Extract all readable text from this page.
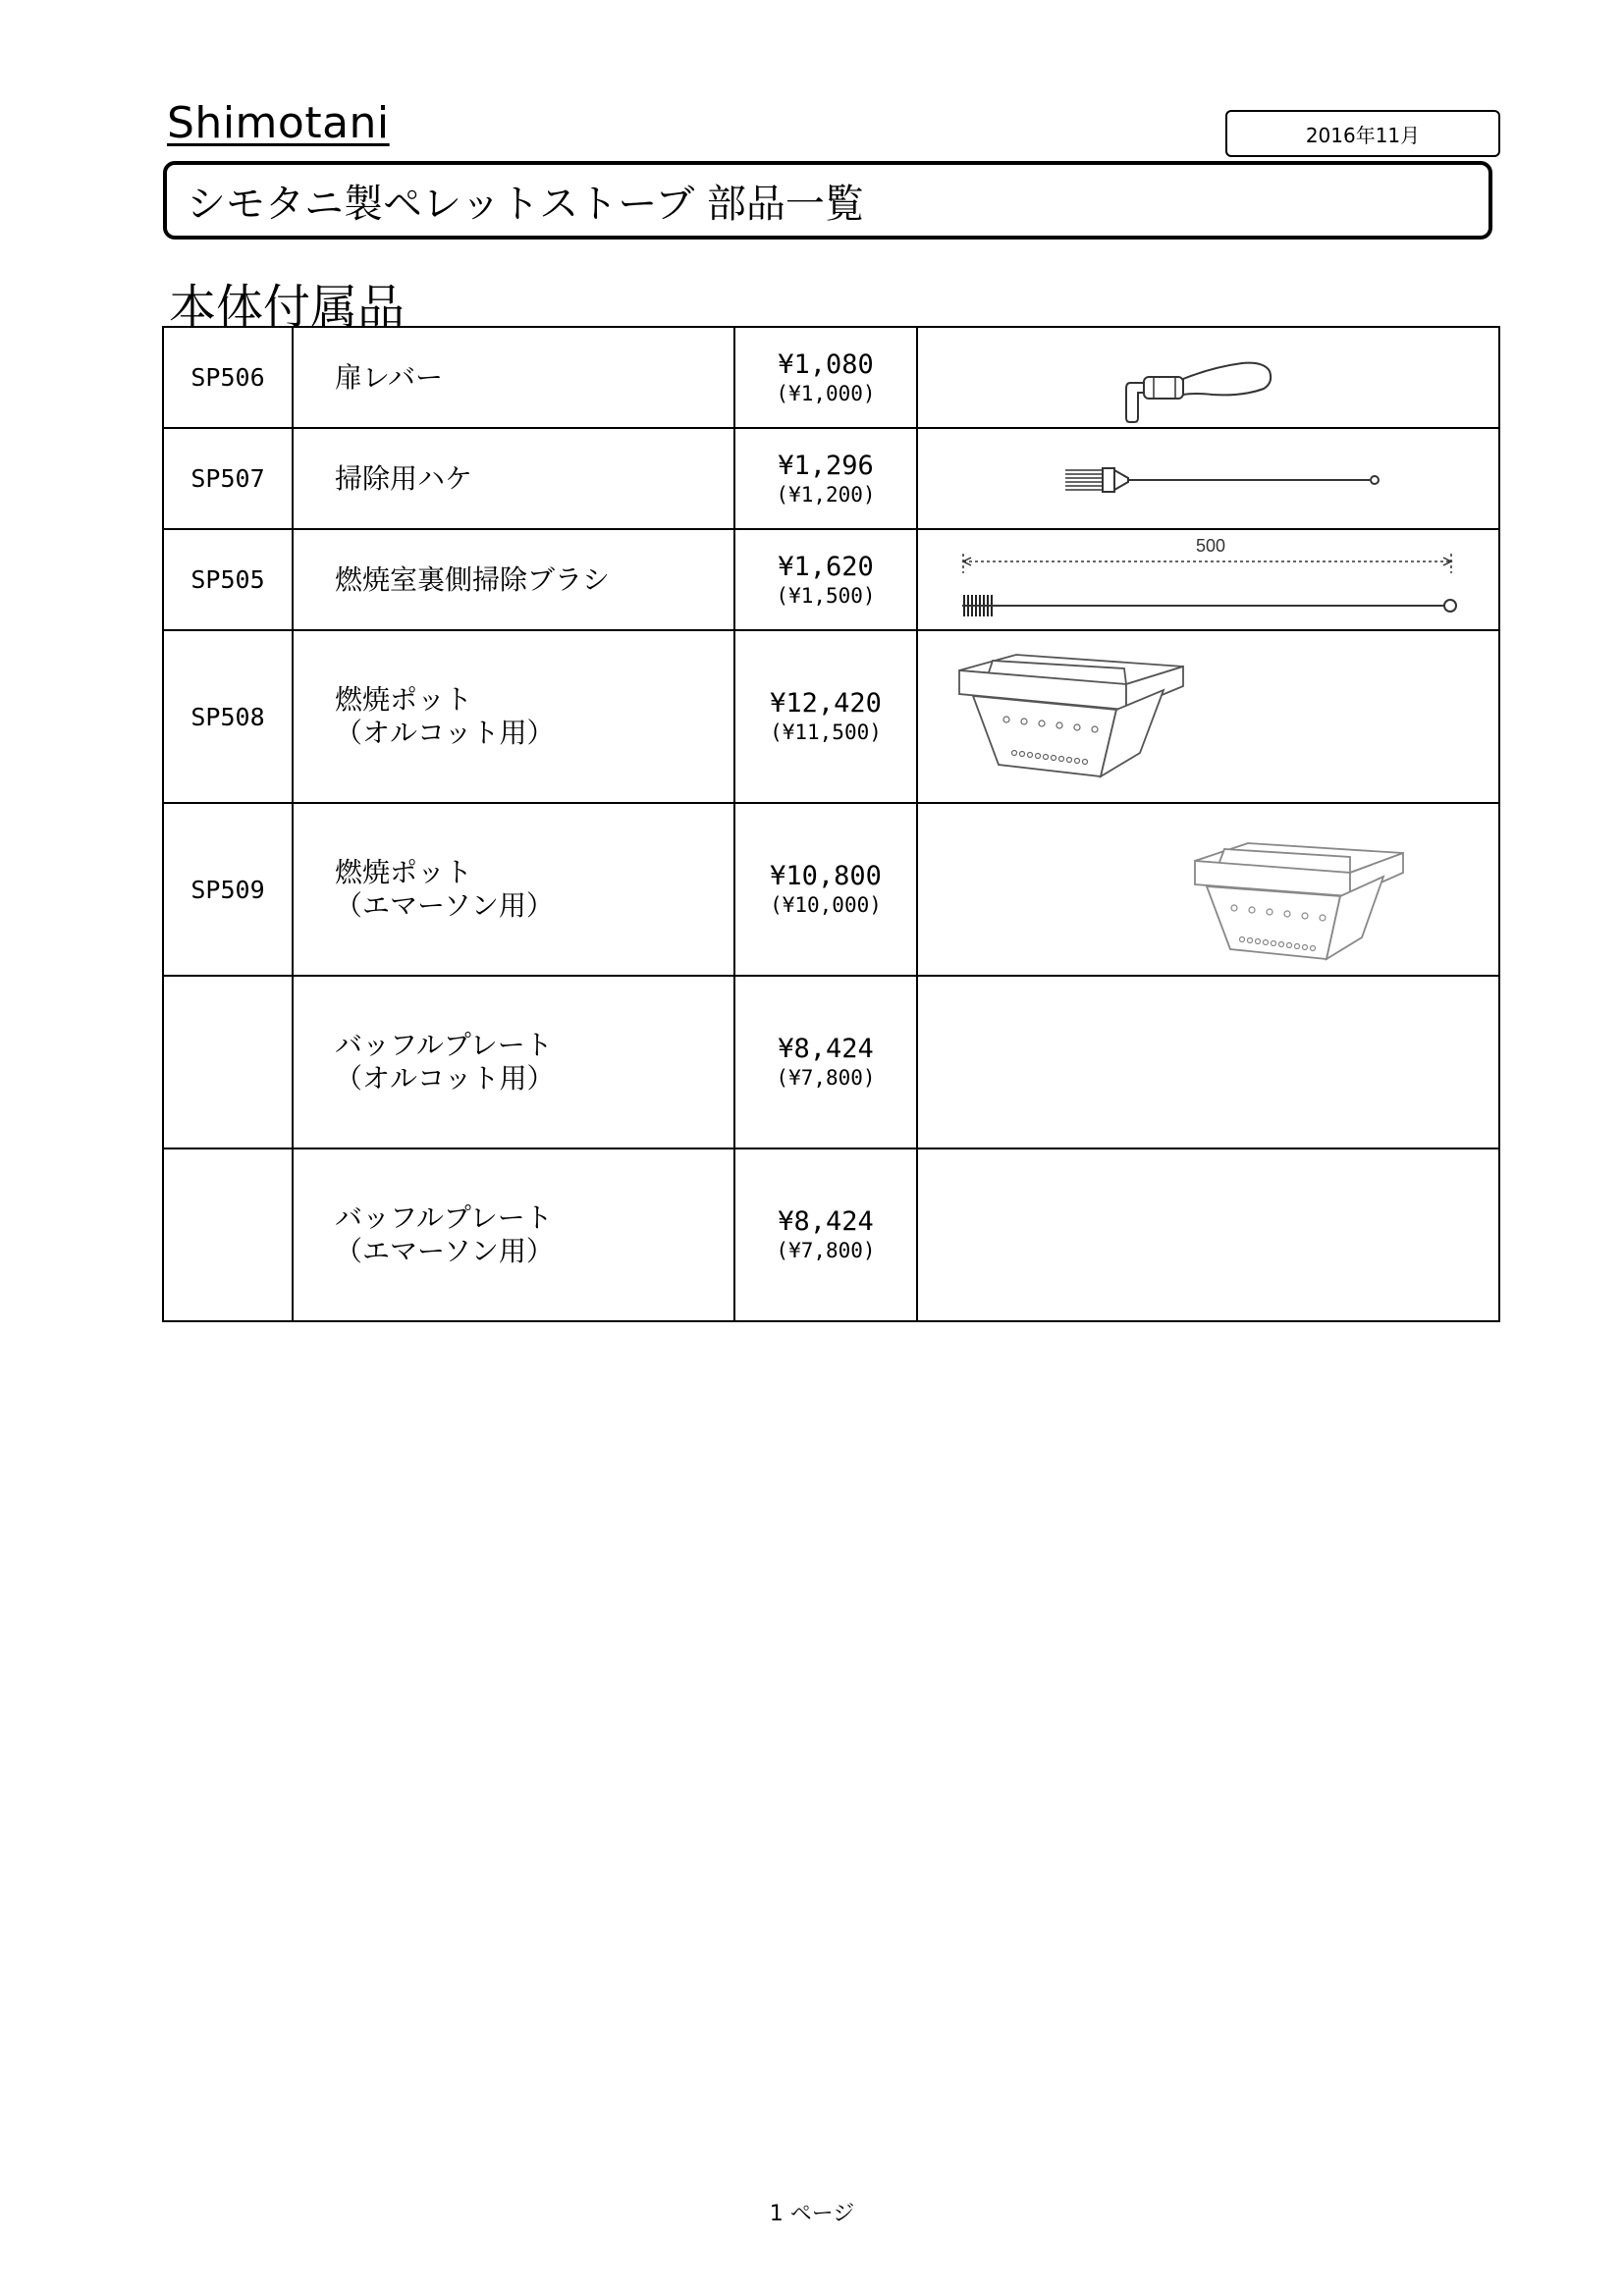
Shimotani	2016年11月
シモタニ製ペレットストーブ 部品一覧
本体付属品
SP506	扉レバー	¥1,080
(¥1,000)

SP507	掃除用ハケ	¥1,296
(¥1,200)

SP505	燃焼室裏側掃除ブラシ	¥1,620
(¥1,500)	500

SP508	燃焼ポット
（オルコット用）	¥12,420
(¥11,500)

SP509	燃焼ポット
（エマーソン用）	¥10,800
(¥10,000)

	バッフルプレート
（オルコット用）	¥8,424
(¥7,800)	

	バッフルプレート
（エマーソン用）	¥8,424
(¥7,800)	

1 ページ
